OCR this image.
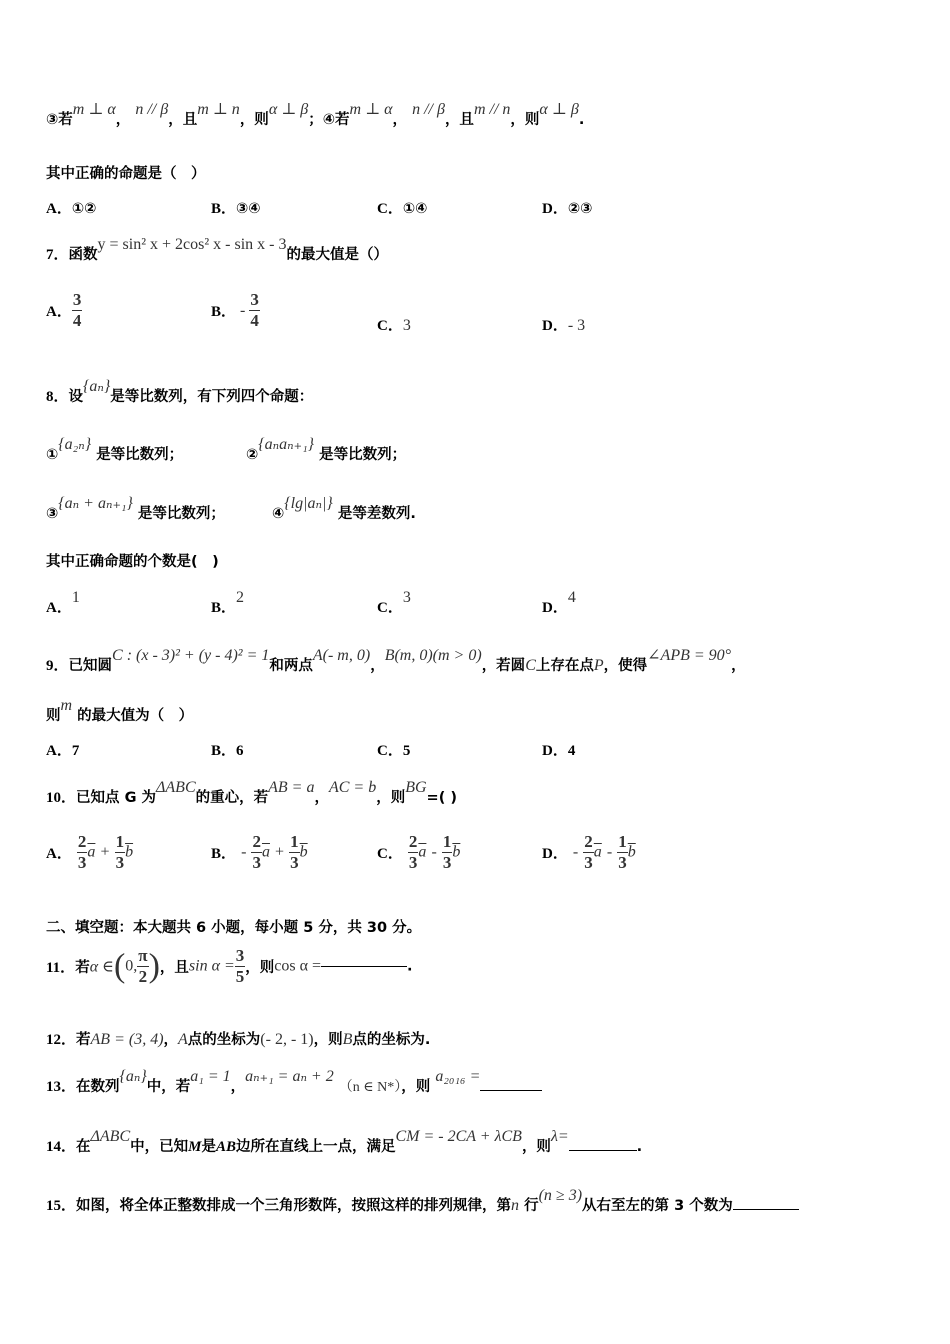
③若m ⊥ α， n // β，且m ⊥ n，则α ⊥ β；④若m ⊥ α， n // β，且m // n，则α ⊥ β.
其中正确的命题是（　）
A．①②	B．③④	C．①④	D．②③
7．函数y = sin² x + 2cos² x - sin x - 3的最大值是（）
A． $\frac{3}{4}$	B． - $\frac{3}{4}$	C．3	D．- 3
8．设{aₙ}是等比数列，有下列四个命题：
①{a₂ₙ} 是等比数列；	②{aₙaₙ₊₁} 是等比数列；
③{aₙ + aₙ₊₁} 是等比数列；	④{lg|aₙ|} 是等差数列.
其中正确命题的个数是(　)
A．1
B．2
C．3
D．4
9．已知圆C : (x - 3)² + (y - 4)² = 1和两点A(- m, 0)，B(m, 0)(m > 0)，若圆C上存在点P，使得∠APB = 90°，
则m 的最大值为（　）
A．7	B．6	C．5	D．4
10．已知点 G 为ΔABC的重心，若AB = a，AC = b，则BG=( )
A． $\frac{2}{3} \overline{a} + \frac{1}{3} \overline{b}$	B． - $\frac{2}{3} \overline{a} + \frac{1}{3} \overline{b}$	C． $\frac{2}{3} \overline{a} - \frac{1}{3} \overline{b}$	D． - $\frac{2}{3} \overline{a} - \frac{1}{3} \overline{b}$
二、填空题：本大题共 6 小题，每小题 5 分，共 30 分。
11．若α ∈(0, $\frac{\pi}{2}$ )，且$\sin \alpha = \frac{3}{5}$ ，则cos α =	.
12．若AB = (3, 4)，A点的坐标为(- 2, - 1)，则B点的坐标为.
13．在数列{aₙ}中，若a₁ = 1，aₙ₊₁ = aₙ + 2 （n ∈ N*），则 a₂₀₁₆ =
14．在ΔABC中，已知M是AB边所在直线上一点，满足CM = - 2CA + λCB，则λ=.
15．如图，将全体正整数排成一个三角形数阵，按照这样的排列规律，第n 行(n ≥ 3)从右至左的第 3 个数为
